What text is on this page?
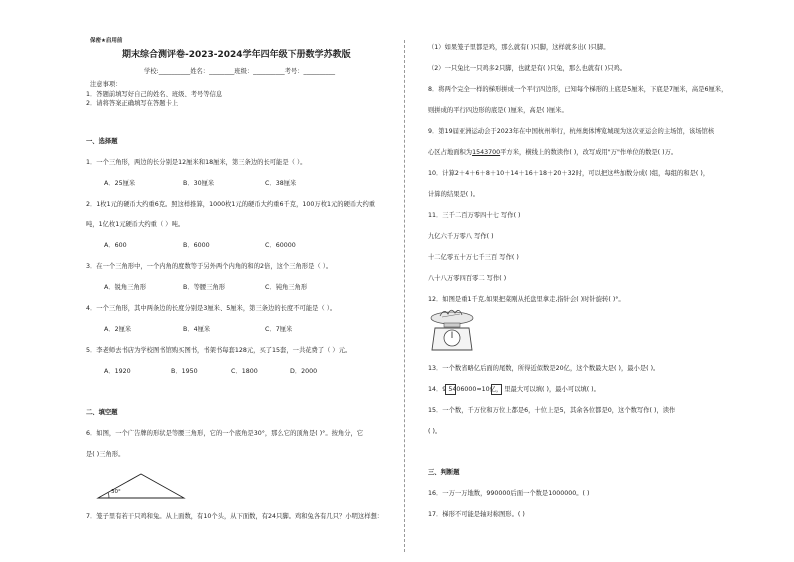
保密★启用前
期末综合测评卷-2023-2024学年四年级下册数学苏教版
学校:__________姓名：________班级：__________考号：__________
注意事项：
1．答题前填写好自己的姓名、班级、考号等信息
2．请将答案正确填写在答题卡上
一、选择题
1．一个三角形，两边的长分别是12厘米和18厘米，第三条边的长可能是（ ）。
A．25厘米	B．30厘米	C．38厘米
2．1枚1元的硬币大约重6克。照这样推算，1000枚1元的硬币大约重6千克，100万枚1元的硬币大约重
吨，1亿枚1元硬币大约重（ ）吨。
A．600	B．6000	C．60000
3．在一个三角形中，一个内角的度数等于另外两个内角的和的2倍，这个三角形是（ ）。
A．锐角三角形	B．等腰三角形	C．钝角三角形
4．一个三角形，其中两条边的长度分别是3厘米、5厘米，第三条边的长度不可能是（ ）。
A．2厘米	B．4厘米	C．7厘米
5．李老师去书店为学校图书馆购买图书，书架书每套128元，买了15套，一共花费了（ ）元。
A．1920	B．1950	C．1800	D．2000
二、填空题
6．如图，一个广告牌的形状是等腰三角形，它的一个底角是30°，那么它的顶角是( )°。按角分，它
是( )三角形。
30°
7．笼子里有若干只鸡和兔。从上面数，有10个头，从下面数，有24只脚。鸡和兔各有几只？小明这样想：
（1）如果笼子里都是鸡，那么就有( )只脚，这样就多出( )只脚。
（2）一只兔比一只鸡多2只脚，也就是有( )只兔，那么也就有( )只鸡。
8．将两个完全一样的梯形拼成一个平行四边形，已知每个梯形的上底是5厘米，下底是7厘米，高是6厘米，
则拼成的平行四边形的底是( )厘米，高是( )厘米。
9．第19届亚洲运动会于2023年在中国杭州举行，杭州奥体博览城现为这次亚运会的主场馆，该场馆核
心区占地面积为1543700平方米，横线上的数读作( )，改写成用"万"作单位的数是( )万。
10．计算2＋4＋6＋8＋10＋14＋16＋18＋20＋32时，可以把这些加数分成( )组，每组的和是( )，
计算的结果是( )。
11．三千二百万零四十七 写作( )
九亿六千万零八 写作( )
十二亿零五十万七千三百 写作( )
八十八万零四百零二 写作( )
12．如图是重1千克,如果把菜刚从托盘里拿走,指针会( )时针旋转( )°。
13．一个数省略亿后面的尾数，所得近似数是20亿，这个数最大是( )，最小是( )。
14．9 5406000≈10亿， 里最大可以填( )，最小可以填( )。
15．一个数，千万位和万位上都是6，十位上是5，其余各位都是0，这个数写作( )，读作
( )。
三、判断题
16．一万一万地数，990000后面一个数是1000000。( )
17．梯形不可能是轴对称图形。( )
